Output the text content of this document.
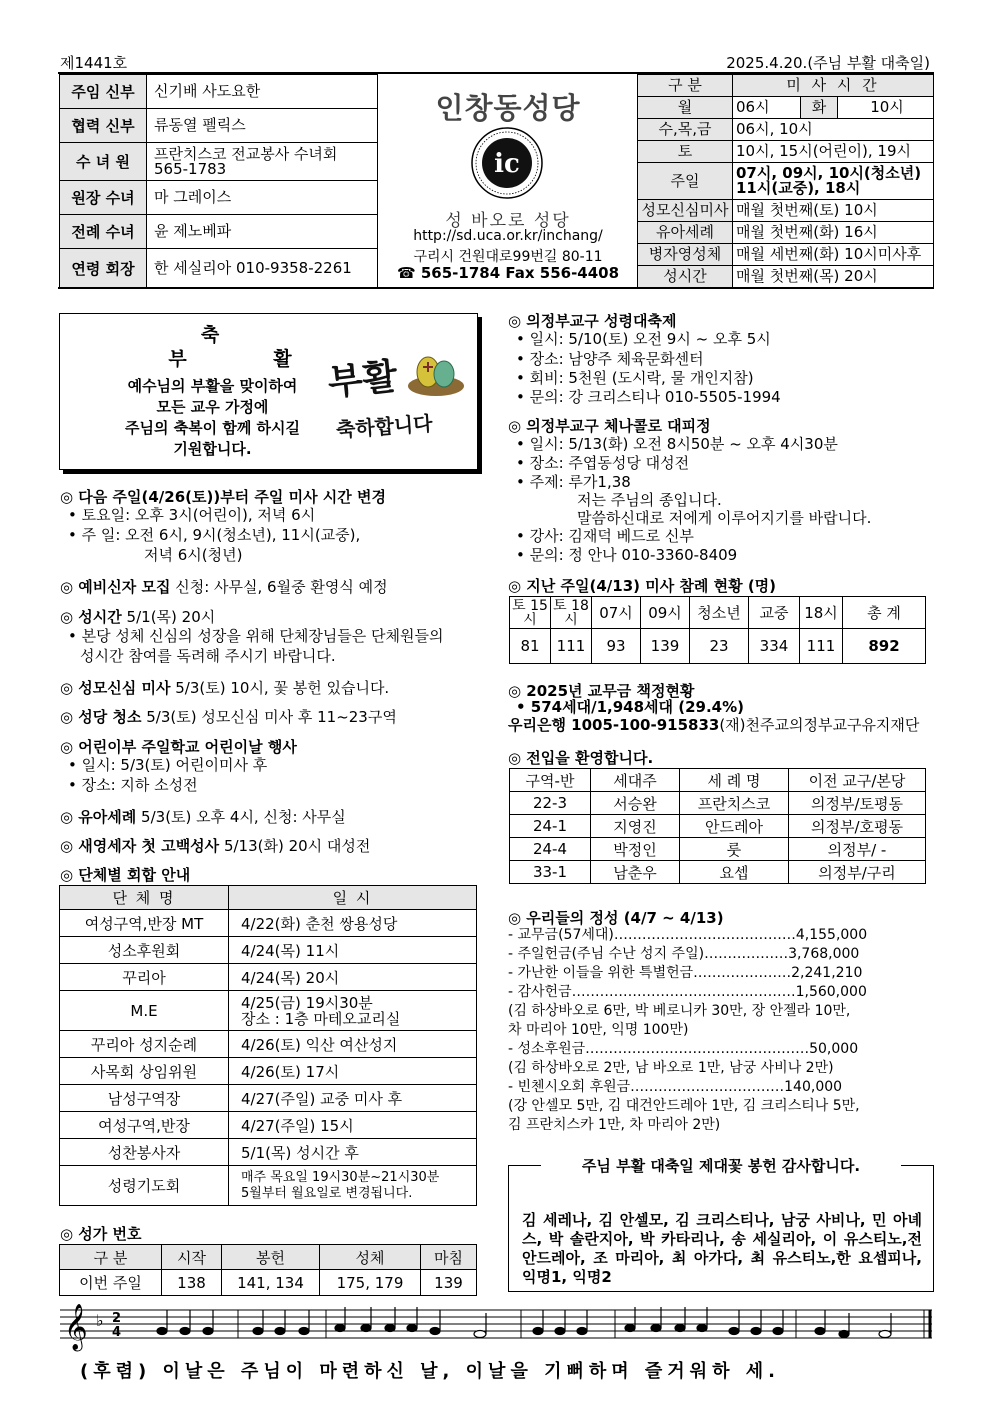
제1441호	2025.4.20.(주님 부활 대축일)
주임 신부	신기배 사도요한
협력 신부	류동열 펠릭스
수 녀 원	프란치스코 전교봉사 수녀회
565-1783

원장 수녀	마 그레이스
전례 수녀	윤 제노베파
연령 회장	한 세실리아 010-9358-2261
인창동성당
ic
성 바오로 성당
http://sd.uca.or.kr/inchang/
구리시 건원대로99번길 80-11
☎ 565-1784 Fax 556-4408
구 분	미 사 시 간		
월	06시	화	10시
수,목,금	06시, 10시		
토	10시, 15시(어린이), 19시		
주일	07시, 09시, 10시(청소년)
11시(교중), 18시		

성모신심미사	매월 첫번째(토) 10시		
유아세례	매월 첫번째(화) 16시		
병자영성체	매월 세번째(화) 10시미사후		
성시간	매월 첫번째(목) 20시		
축
부 활
예수님의 부활을 맞이하여
모든 교우 가정에
주님의 축복이 함께 하시길
기원합니다.
부활
축하합니다
◎ 다음 주일(4/26(토))부터 주일 미사 시간 변경
• 토요일: 오후 3시(어린이), 저녁 6시
• 주 일: 오전 6시, 9시(청소년), 11시(교중),
저녁 6시(청년)
◎ 예비신자 모집 신청: 사무실, 6월중 환영식 예정
◎ 성시간 5/1(목) 20시
• 본당 성체 신심의 성장을 위해 단체장님들은 단체원들의
성시간 참여를 독려해 주시기 바랍니다.
◎ 성모신심 미사 5/3(토) 10시, 꽃 봉헌 있습니다.
◎ 성당 청소 5/3(토) 성모신심 미사 후 11~23구역
◎ 어린이부 주일학교 어린이날 행사
• 일시: 5/3(토) 어린이미사 후
• 장소: 지하 소성전
◎ 유아세례 5/3(토) 오후 4시, 신청: 사무실
◎ 새영세자 첫 고백성사 5/13(화) 20시 대성전
◎ 단체별 회합 안내
단 체 명	일 시
여성구역,반장 MT	4/22(화) 춘천 쌍용성당
성소후원회	4/24(목) 11시
꾸리아	4/24(목) 20시
M.E	4/25(금) 19시30분
장소 : 1층 마테오교리실

꾸리아 성지순례	4/26(토) 익산 여산성지
사목회 상임위원	4/26(토) 17시
남성구역장	4/27(주일) 교중 미사 후
여성구역,반장	4/27(주일) 15시
성찬봉사자	5/1(목) 성시간 후
성령기도회	매주 목요일 19시30분~21시30분
5월부터 월요일로 변경됩니다.
◎ 성가 번호
구 분	시작	봉헌	성체	마침
이번 주일	138	141, 134	175, 179	139
◎ 의정부교구 성령대축제
• 일시: 5/10(토) 오전 9시 ~ 오후 5시
• 장소: 남양주 체육문화센터
• 회비: 5천원 (도시락, 물 개인지참)
• 문의: 강 크리스티나 010-5505-1994
◎ 의정부교구 체나콜로 대피정
• 일시: 5/13(화) 오전 8시50분 ~ 오후 4시30분
• 장소: 주엽동성당 대성전
• 주제: 루가1,38
저는 주님의 종입니다.
말씀하신대로 저에게 이루어지기를 바랍니다.
• 강사: 김재덕 베드로 신부
• 문의: 정 안나 010-3360-8409
◎ 지난 주일(4/13) 미사 참례 현황 (명)
토 15시	토 18시	07시	09시	청소년	교중	18시	총 계
81	111	93	139	23	334	111	892
◎ 2025년 교무금 책정현황
• 574세대/1,948세대 (29.4%)
우리은행 1005-100-915833(재)천주교의정부교구유지재단
◎ 전입을 환영합니다.
구역-반	세대주	세 례 명	이전 교구/본당
22-3	서승완	프란치스코	의정부/토평동
24-1	지영진	안드레아	의정부/호평동
24-4	박정인	룻	의정부/ -
33-1	남춘우	요셉	의정부/구리
◎ 우리들의 정성 (4/7 ~ 4/13)
- 교무금(57세대)…………………………………4,155,000
- 주일헌금(주님 수난 성지 주일)………………3,768,000
- 가난한 이들을 위한 특별헌금…………………2,241,210
- 감사헌금…………………………………………1,560,000
(김 하상바오로 6만, 박 베로니카 30만, 장 안젤라 10만,
차 마리아 10만, 익명 100만)
- 성소후원금…………………………………………50,000
(김 하상바오로 2만, 남 바오로 1만, 남궁 사비나 2만)
- 빈첸시오회 후원금……………………………140,000
(강 안셀모 5만, 김 대건안드레아 1만, 김 크리스티나 5만,
김 프란치스카 1만, 차 마리아 2만)
주님 부활 대축일 제대꽃 봉헌 감사합니다.
김 세레나, 김 안셀모, 김 크리스티나, 남궁 사비나, 민 아녜스, 박 솔란지아, 박 카타리나, 송 세실리아, 이 유스티노,전 안드레아, 조 마리아, 최 아가다, 최 유스티노,한 요셉피나, 익명1, 익명2
𝄞 ♭ 2
4
(후렴) 이날은 주님이 마련하신 날, 이날을 기뻐하며 즐거워하 세.
